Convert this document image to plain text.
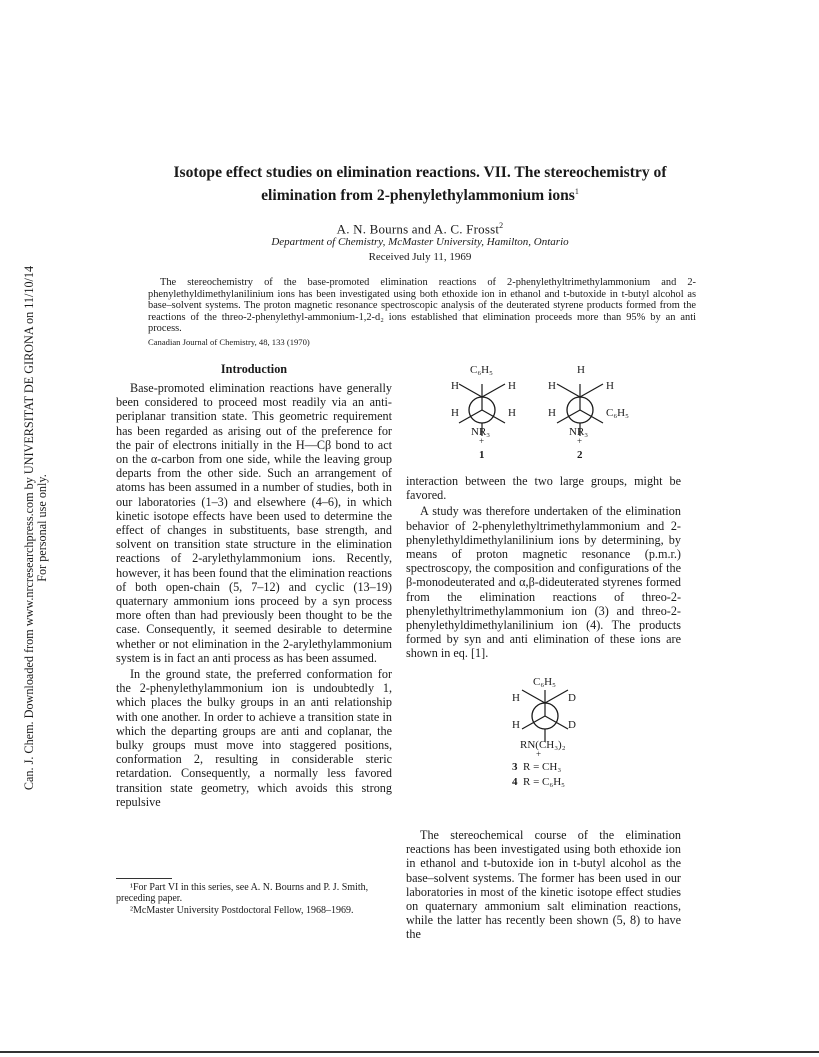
Can. J. Chem. Downloaded from www.nrcresearchpress.com by UNIVERSITAT DE GIRONA on 11/10/14 For personal use only.
Isotope effect studies on elimination reactions. VII. The stereochemistry of
elimination from 2-phenylethylammonium ions$^1$
A. N. Bourns and A. C. Frosst$^2$
Department of Chemistry, McMaster University, Hamilton, Ontario
Received July 11, 1969

The stereochemistry of the base-promoted elimination reactions of 2-phenylethyltrimethylammonium and 2-phenylethyldimethylanilinium ions has been investigated using both ethoxide ion in ethanol and t-butoxide in t-butyl alcohol as base–solvent systems. The proton magnetic resonance spectroscopic analysis of the deuterated styrene products formed from the reactions of the threo-2-phenylethyl-ammonium-1,2-d₂ ions established that elimination proceeds more than 95% by an anti process.

Canadian Journal of Chemistry, 48, 133 (1970)
Introduction

Base-promoted elimination reactions have generally been considered to proceed most readily via an anti-periplanar transition state. This geometric requirement has been regarded as arising out of the preference for the pair of electrons initially in the H—Cβ bond to act on the α-carbon from one side, while the leaving group departs from the other side. Such an arrangement of atoms has been assumed in a number of studies, both in our laboratories (1–3) and elsewhere (4–6), in which kinetic isotope effects have been used to determine the effect of changes in substituents, base strength, and solvent on transition state structure in the elimination reactions of 2-arylethylammonium ions. Recently, however, it has been found that the elimination reactions of both open-chain (5, 7–12) and cyclic (13–19) quaternary ammonium ions proceed by a syn process more often than had previously been thought to be the case. Consequently, it seemed desirable to determine whether or not elimination in the 2-arylethylammonium system is in fact an anti process as has been assumed.

In the ground state, the preferred conformation for the 2-phenylethylammonium ion is undoubtedly 1, which places the bulky groups in an anti relationship with one another. In order to achieve a transition state in which the departing groups are anti and coplanar, the bulky groups must move into staggered positions, conformation 2, resulting in considerable steric retardation. Consequently, a normally less favored transition state geometry, which avoids this strong repulsive

¹For Part VI in this series, see A. N. Bourns and P. J. Smith, preceding paper.

²McMaster University Postdoctoral Fellow, 1968–1969.

C₆H₅
H	H
H	H
NR₃
+
1
H
H	H
H	C₆H₅
NR₃
+
2

interaction between the two large groups, might be favored.

A study was therefore undertaken of the elimination behavior of 2-phenylethyltrimethylammonium and 2-phenylethyldimethylanilinium ions by determining, by means of proton magnetic resonance (p.m.r.) spectroscopy, the composition and configurations of the β-monodeuterated and α,β-dideuterated styrenes formed from the elimination reactions of threo-2-phenylethyltrimethylammonium ion (3) and threo-2-phenylethyldimethylanilinium ion (4). The products formed by syn and anti elimination of these ions are shown in eq. [1].

C₆H₅
H	D
H	D
RN(CH₃)₂
+
3 R = CH₃
4 R = C₆H₅

The stereochemical course of the elimination reactions has been investigated using both ethoxide ion in ethanol and t-butoxide ion in t-butyl alcohol as the base–solvent systems. The former has been used in our laboratories in most of the kinetic isotope effect studies on quaternary ammonium salt elimination reactions, while the latter has recently been shown (5, 8) to have the
